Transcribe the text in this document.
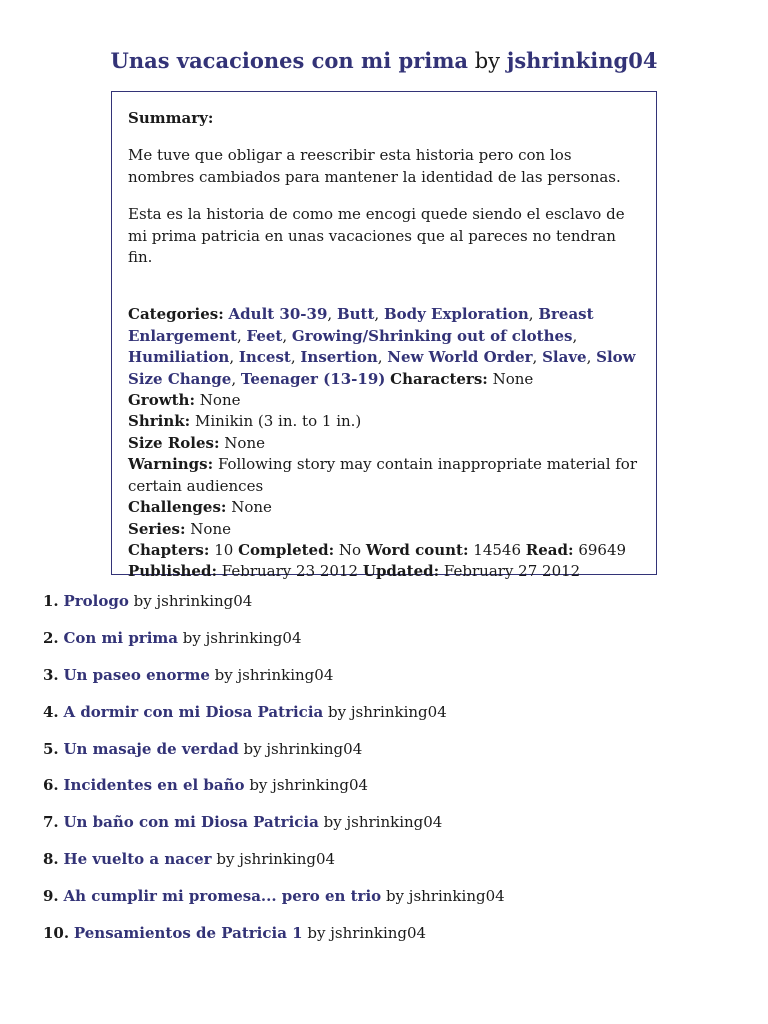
Unas vacaciones con mi prima by jshrinking04

Summary:

Me tuve que obligar a reescribir esta historia pero con los nombres cambiados para mantener la identidad de las personas.

Esta es la historia de como me encogi quede siendo el esclavo de mi prima patricia en unas vacaciones que al pareces no tendran fin.

Categories: Adult 30-39, Butt, Body Exploration, Breast Enlargement, Feet, Growing/Shrinking out of clothes, Humiliation, Incest, Insertion, New World Order, Slave, Slow Size Change, Teenager (13-19) Characters: None
Growth: None
Shrink: Minikin (3 in. to 1 in.)
Size Roles: None
Warnings: Following story may contain inappropriate material for certain audiences
Challenges: None
Series: None
Chapters: 10 Completed: No Word count: 14546 Read: 69649
Published: February 23 2012 Updated: February 27 2012
1. Prologo by jshrinking04
2. Con mi prima by jshrinking04
3. Un paseo enorme by jshrinking04
4. A dormir con mi Diosa Patricia by jshrinking04
5. Un masaje de verdad by jshrinking04
6. Incidentes en el baño by jshrinking04
7. Un baño con mi Diosa Patricia by jshrinking04
8. He vuelto a nacer by jshrinking04
9. Ah cumplir mi promesa... pero en trio by jshrinking04
10. Pensamientos de Patricia 1 by jshrinking04
